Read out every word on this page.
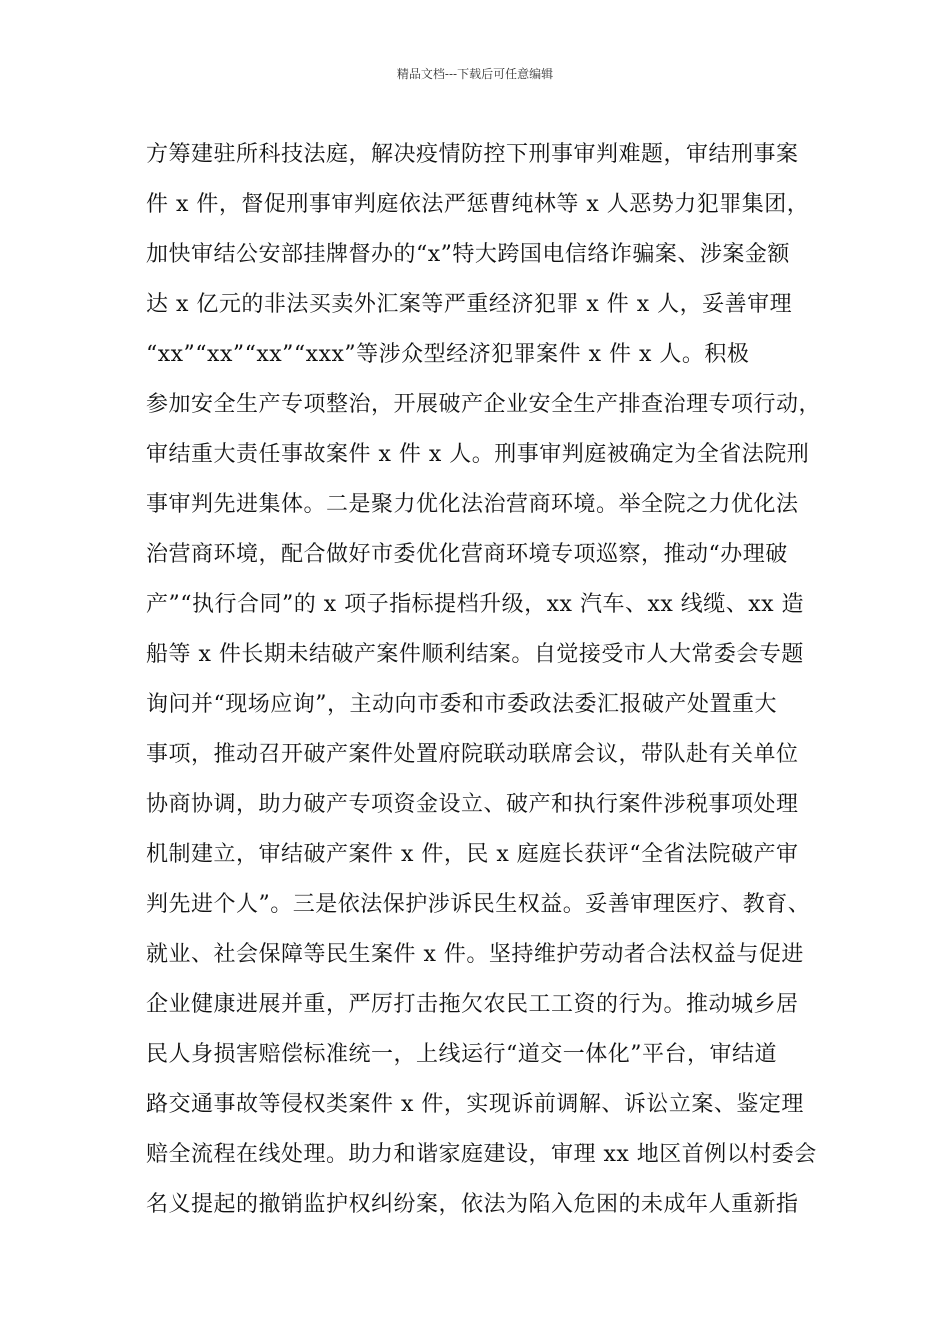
精品文档---下载后可任意编辑
方筹建驻所科技法庭，解决疫情防控下刑事审判难题，审结刑事案
件 x 件，督促刑事审判庭依法严惩曹纯林等 x 人恶势力犯罪集团，
加快审结公安部挂牌督办的“x”特大跨国电信络诈骗案、涉案金额
达 x 亿元的非法买卖外汇案等严重经济犯罪 x 件 x 人，妥善审理
“xx”“xx”“xx”“xxx”等涉众型经济犯罪案件 x 件 x 人。积极
参加安全生产专项整治，开展破产企业安全生产排查治理专项行动，
审结重大责任事故案件 x 件 x 人。刑事审判庭被确定为全省法院刑
事审判先进集体。二是聚力优化法治营商环境。举全院之力优化法
治营商环境，配合做好市委优化营商环境专项巡察，推动“办理破
产”“执行合同”的 x 项子指标提档升级，xx 汽车、xx 线缆、xx 造
船等 x 件长期未结破产案件顺利结案。自觉接受市人大常委会专题
询问并“现场应询”，主动向市委和市委政法委汇报破产处置重大
事项，推动召开破产案件处置府院联动联席会议，带队赴有关单位
协商协调，助力破产专项资金设立、破产和执行案件涉税事项处理
机制建立，审结破产案件 x 件，民 x 庭庭长获评“全省法院破产审
判先进个人”。三是依法保护涉诉民生权益。妥善审理医疗、教育、
就业、社会保障等民生案件 x 件。坚持维护劳动者合法权益与促进
企业健康进展并重，严厉打击拖欠农民工工资的行为。推动城乡居
民人身损害赔偿标准统一，上线运行“道交一体化”平台，审结道
路交通事故等侵权类案件 x 件，实现诉前调解、诉讼立案、鉴定理
赔全流程在线处理。助力和谐家庭建设，审理 xx 地区首例以村委会
名义提起的撤销监护权纠纷案，依法为陷入危困的未成年人重新指
